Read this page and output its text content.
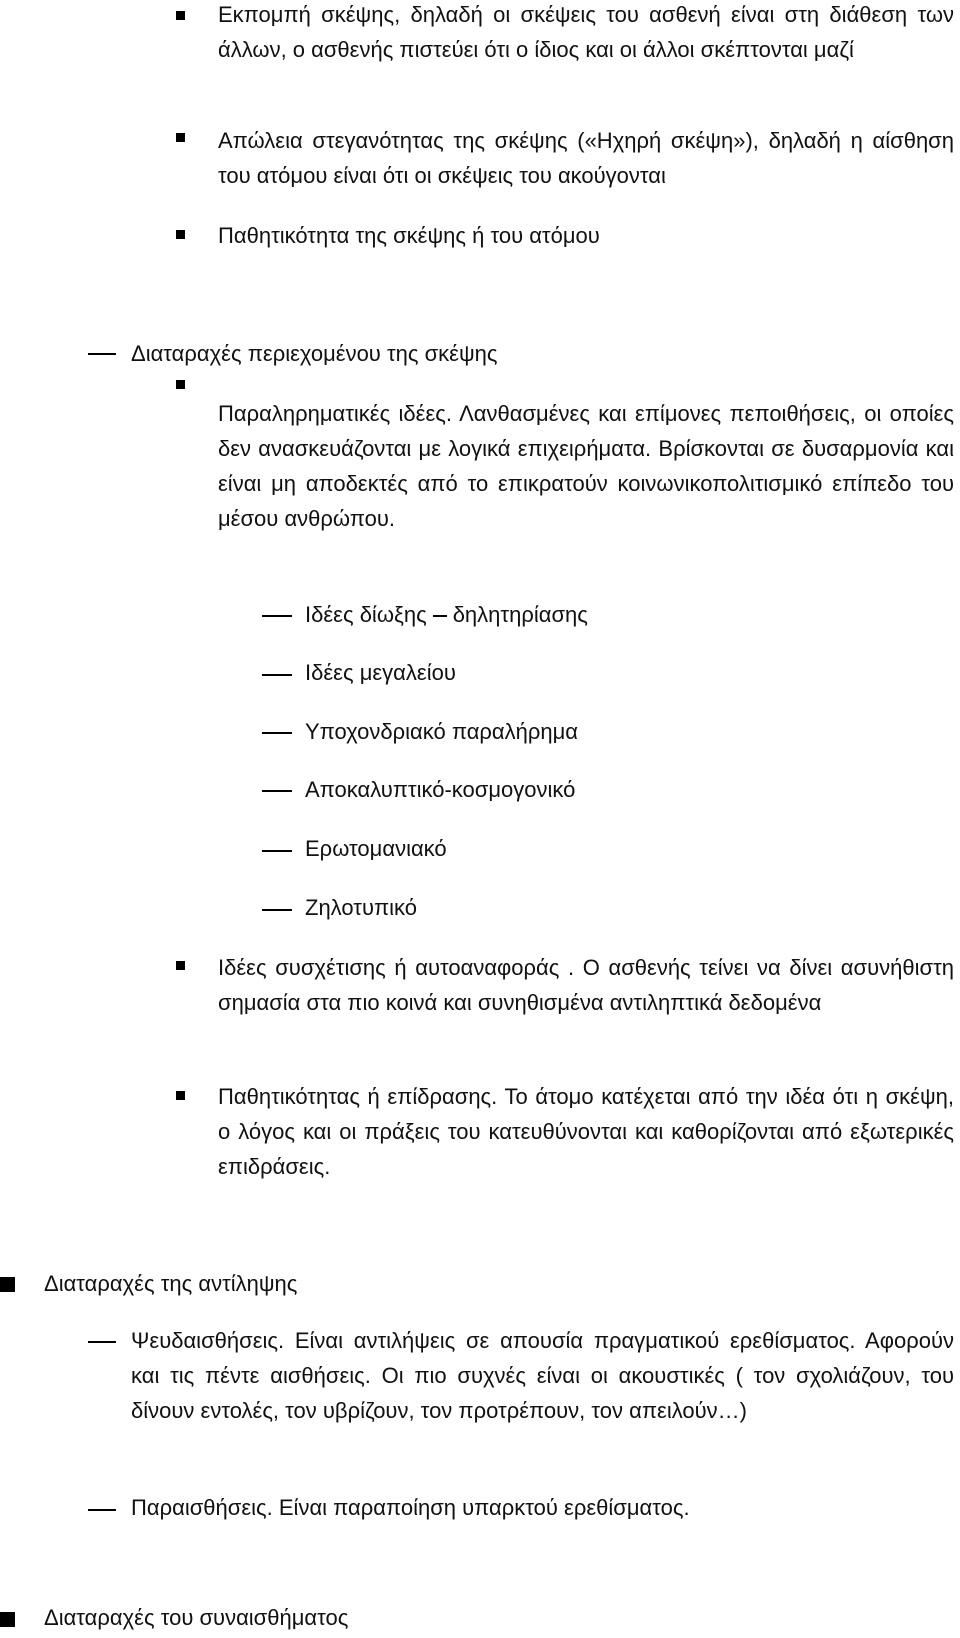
Εκπομπή σκέψης, δηλαδή οι σκέψεις του ασθενή είναι στη διάθεση των άλλων, ο ασθενής πιστεύει ότι ο ίδιος και οι άλλοι σκέπτονται μαζί
Απώλεια στεγανότητας της σκέψης («Ηχηρή σκέψη»), δηλαδή η αίσθηση του ατόμου είναι ότι οι σκέψεις του ακούγονται
Παθητικότητα της σκέψης ή του ατόμου
Διαταραχές περιεχομένου της σκέψης
Παραληρηματικές ιδέες. Λανθασμένες και επίμονες πεποιθήσεις, οι οποίες δεν ανασκευάζονται με λογικά επιχειρήματα. Βρίσκονται σε δυσαρμονία και είναι μη αποδεκτές από το επικρατούν κοινωνικοπολιτισμικό επίπεδο του μέσου ανθρώπου.
Ιδέες δίωξης δηλητηρίασης
Ιδέες μεγαλείου
Υποχονδριακό παραλήρημα
Αποκαλυπτικό-κοσμογονικό
Ερωτομανιακό
Ζηλοτυπικό
Ιδέες συσχέτισης ή αυτοαναφοράς . Ο ασθενής τείνει να δίνει ασυνήθιστη σημασία στα πιο κοινά και συνηθισμένα αντιληπτικά δεδομένα
Παθητικότητας ή επίδρασης. Το άτομο κατέχεται από την ιδέα ότι η σκέψη, ο λόγος και οι πράξεις του κατευθύνονται και καθορίζονται από εξωτερικές επιδράσεις.
Διαταραχές της αντίληψης
Ψευδαισθήσεις. Είναι αντιλήψεις σε απουσία πραγματικού ερεθίσματος. Αφορούν και τις πέντε αισθήσεις. Οι πιο συχνές είναι οι ακουστικές ( τον σχολιάζουν, του δίνουν εντολές, τον υβρίζουν, τον προτρέπουν, τον απειλούν…)
Παραισθήσεις. Είναι παραποίηση υπαρκτού ερεθίσματος.
Διαταραχές του συναισθήματος
